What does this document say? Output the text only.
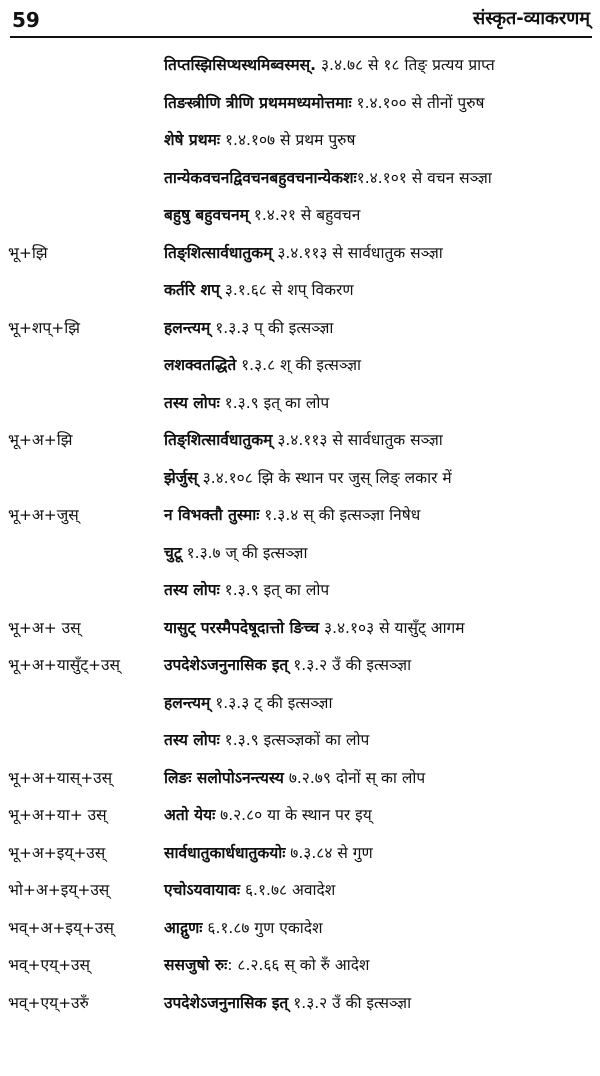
59	संस्कृत-व्याकरणम्
तिप्तस्झिसिप्थस्थमिब्वस्मस्. ३.४.७८ से १८ तिङ् प्रत्यय प्राप्त
तिङस्त्रीणि त्रीणि प्रथममध्यमोत्तमाः १.४.१०० से तीनों पुरुष
शेषे प्रथमः १.४.१०७ से प्रथम पुरुष
तान्येकवचनद्विवचनबहुवचनान्येकशः१.४.१०१ से वचन सञ्ज्ञा
बहुषु बहुवचनम् १.४.२१ से बहुवचन
भू+झि	तिङ्शित्सार्वधातुकम् ३.४.११३ से सार्वधातुक सञ्ज्ञा
कर्तरि शप् ३.१.६८ से शप् विकरण
भू+शप्+झि	हलन्त्यम् १.३.३ प् की इत्सञ्ज्ञा
लशक्वतद्धिते १.३.८ श् की इत्सञ्ज्ञा
तस्य लोपः १.३.९ इत् का लोप
भू+अ+झि	तिङ्शित्सार्वधातुकम् ३.४.११३ से सार्वधातुक सञ्ज्ञा
झेर्जुस् ३.४.१०८ झि के स्थान पर जुस् लिङ् लकार में
भू+अ+जुस्	न विभक्तौ तुस्माः १.३.४ स् की इत्सञ्ज्ञा निषेध
चुटू १.३.७ ज् की इत्सञ्ज्ञा
तस्य लोपः १.३.९ इत् का लोप
भू+अ+ उस्	यासुट् परस्मैपदेषूदात्तो ङिच्च ३.४.१०३ से यासुँट् आगम
भू+अ+यासुँट्+उस्	उपदेशेऽजनुनासिक इत् १.३.२ उँ की इत्सञ्ज्ञा
हलन्त्यम् १.३.३ ट् की इत्सञ्ज्ञा
तस्य लोपः १.३.९ इत्सञ्ज्ञकों का लोप
भू+अ+यास्+उस्	लिङः सलोपोऽनन्त्यस्य ७.२.७९ दोनों स् का लोप
भू+अ+या+ उस्	अतो येयः ७.२.८० या के स्थान पर इय्
भू+अ+इय्+उस्	सार्वधातुकार्धधातुकयोः ७.३.८४ से गुण
भो+अ+इय्+उस्	एचोऽयवायावः ६.१.७८ अवादेश
भव्+अ+इय्+उस्	आद्गुणः ६.१.८७ गुण एकादेश
भव्+एय्+उस्	ससजुषो रुः: ८.२.६६ स् को रुँ आदेश
भव्+एय्+उरुँ	उपदेशेऽजनुनासिक इत् १.३.२ उँ की इत्सञ्ज्ञा
